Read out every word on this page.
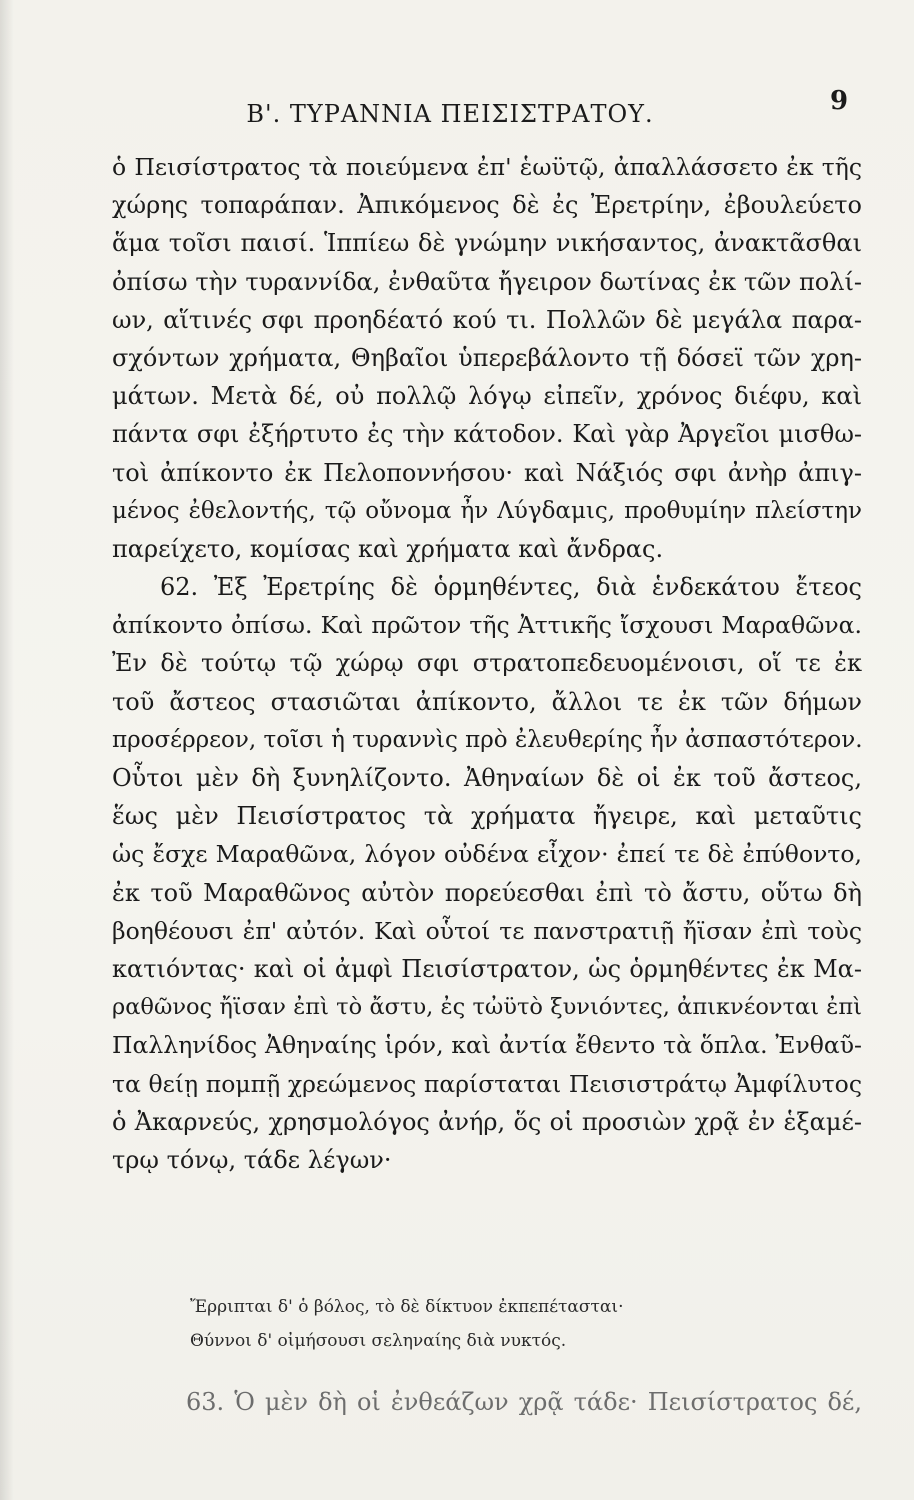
Β'. ΤΥΡΑΝΝΙΑ ΠΕΙΣΙΣΤΡΑΤΟΥ.	9
ὁ Πεισίστρατος τὰ ποιεύμενα ἐπ' ἑωϋτῷ, ἀπαλλάσσετο ἐκ τῆς
χώρης τοπαράπαν. Ἀπικόμενος δὲ ἐς Ἐρετρίην, ἐβουλεύετο
ἅμα τοῖσι παισί. Ἱππίεω δὲ γνώμην νικήσαντος, ἀνακτᾶσθαι
ὀπίσω τὴν τυραννίδα, ἐνθαῦτα ἤγειρον δωτίνας ἐκ τῶν πολί-
ων, αἵτινές σφι προηδέατό κού τι. Πολλῶν δὲ μεγάλα παρα-
σχόντων χρήματα, Θηβαῖοι ὑπερεβάλοντο τῇ δόσεϊ τῶν χρη-
μάτων. Μετὰ δέ, οὐ πολλῷ λόγῳ εἰπεῖν, χρόνος διέφυ, καὶ
πάντα σφι ἐξήρτυτο ἐς τὴν κάτοδον. Καὶ γὰρ Ἀργεῖοι μισθω-
τοὶ ἀπίκοντο ἐκ Πελοποννήσου· καὶ Νάξιός σφι ἀνὴρ ἀπιγ-
μένος ἐθελοντής, τῷ οὔνομα ἦν Λύγδαμις, προθυμίην πλείστην
παρείχετο, κομίσας καὶ χρήματα καὶ ἄνδρας.
62. Ἐξ Ἐρετρίης δὲ ὁρμηθέντες, διὰ ἑνδεκάτου ἔτεος
ἀπίκοντο ὀπίσω. Καὶ πρῶτον τῆς Ἀττικῆς ἴσχουσι Μαραθῶνα.
Ἐν δὲ τούτῳ τῷ χώρῳ σφι στρατοπεδευομένοισι, οἵ τε ἐκ
τοῦ ἄστεος στασιῶται ἀπίκοντο, ἄλλοι τε ἐκ τῶν δήμων
προσέρρεον, τοῖσι ἡ τυραννὶς πρὸ ἐλευθερίης ἦν ἀσπαστότερον.
Οὗτοι μὲν δὴ ξυνηλίζοντο. Ἀθηναίων δὲ οἱ ἐκ τοῦ ἄστεος,
ἕως μὲν Πεισίστρατος τὰ χρήματα ἤγειρε, καὶ μεταῦτις
ὡς ἔσχε Μαραθῶνα, λόγον οὐδένα εἶχον· ἐπεί τε δὲ ἐπύθοντο,
ἐκ τοῦ Μαραθῶνος αὐτὸν πορεύεσθαι ἐπὶ τὸ ἄστυ, οὕτω δὴ
βοηθέουσι ἐπ' αὐτόν. Καὶ οὗτοί τε πανστρατιῇ ἤϊσαν ἐπὶ τοὺς
κατιόντας· καὶ οἱ ἀμφὶ Πεισίστρατον, ὡς ὁρμηθέντες ἐκ Μα-
ραθῶνος ἤϊσαν ἐπὶ τὸ ἄστυ, ἐς τὠϋτὸ ξυνιόντες, ἀπικνέονται ἐπὶ
Παλληνίδος Ἀθηναίης ἱρόν, καὶ ἀντία ἔθεντο τὰ ὅπλα. Ἐνθαῦ-
τα θείῃ πομπῇ χρεώμενος παρίσταται Πεισιστράτῳ Ἀμφίλυτος
ὁ Ἀκαρνεύς, χρησμολόγος ἀνήρ, ὅς οἱ προσιὼν χρᾷ ἐν ἑξαμέ-
τρῳ τόνῳ, τάδε λέγων·
Ἔρριπται δ' ὁ βόλος, τὸ δὲ δίκτυον ἐκπεπέτασται·
Θύννοι δ' οἰμήσουσι σεληναίης διὰ νυκτός.
63. Ὁ μὲν δὴ οἱ ἐνθεάζων χρᾷ τάδε· Πεισίστρατος δέ,
